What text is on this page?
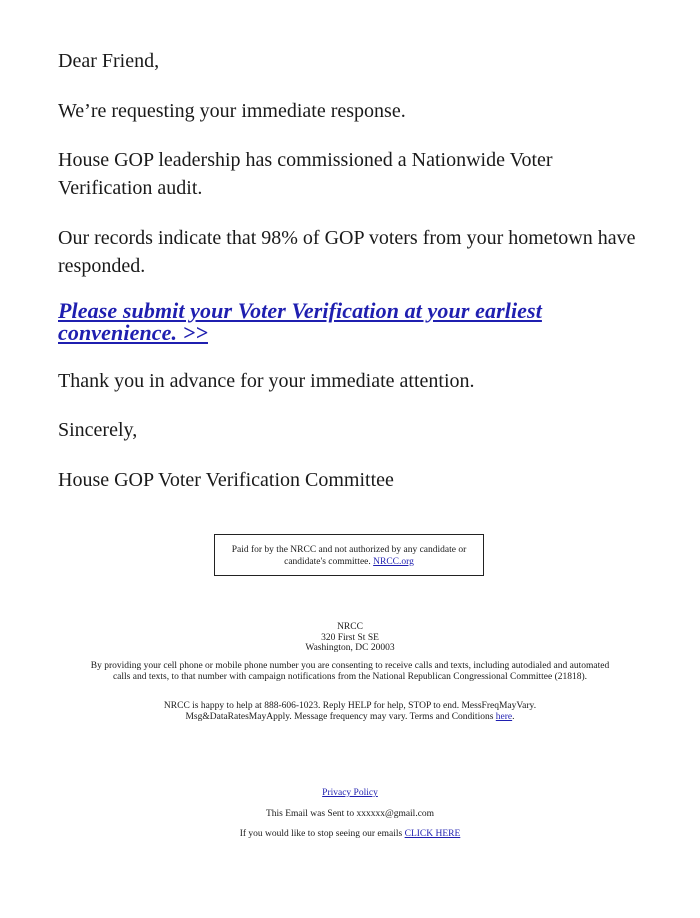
Dear Friend,

We’re requesting your immediate response.

House GOP leadership has commissioned a Nationwide Voter Verification audit.

Our records indicate that 98% of GOP voters from your hometown have responded.

Please submit your Voter Verification at your earliest convenience. >>

Thank you in advance for your immediate attention.

Sincerely,

House GOP Voter Verification Committee

Paid for by the NRCC and not authorized by any candidate or candidate's committee. NRCC.org
NRCC
320 First St SE
Washington, DC 20003
By providing your cell phone or mobile phone number you are consenting to receive calls and texts, including autodialed and automated calls and texts, to that number with campaign notifications from the National Republican Congressional Committee (21818).
NRCC is happy to help at 888-606-1023. Reply HELP for help, STOP to end. MessFreqMayVary.
Msg&DataRatesMayApply. Message frequency may vary. Terms and Conditions here.
Privacy Policy
This Email was Sent to xxxxxx@gmail.com
If you would like to stop seeing our emails CLICK HERE
